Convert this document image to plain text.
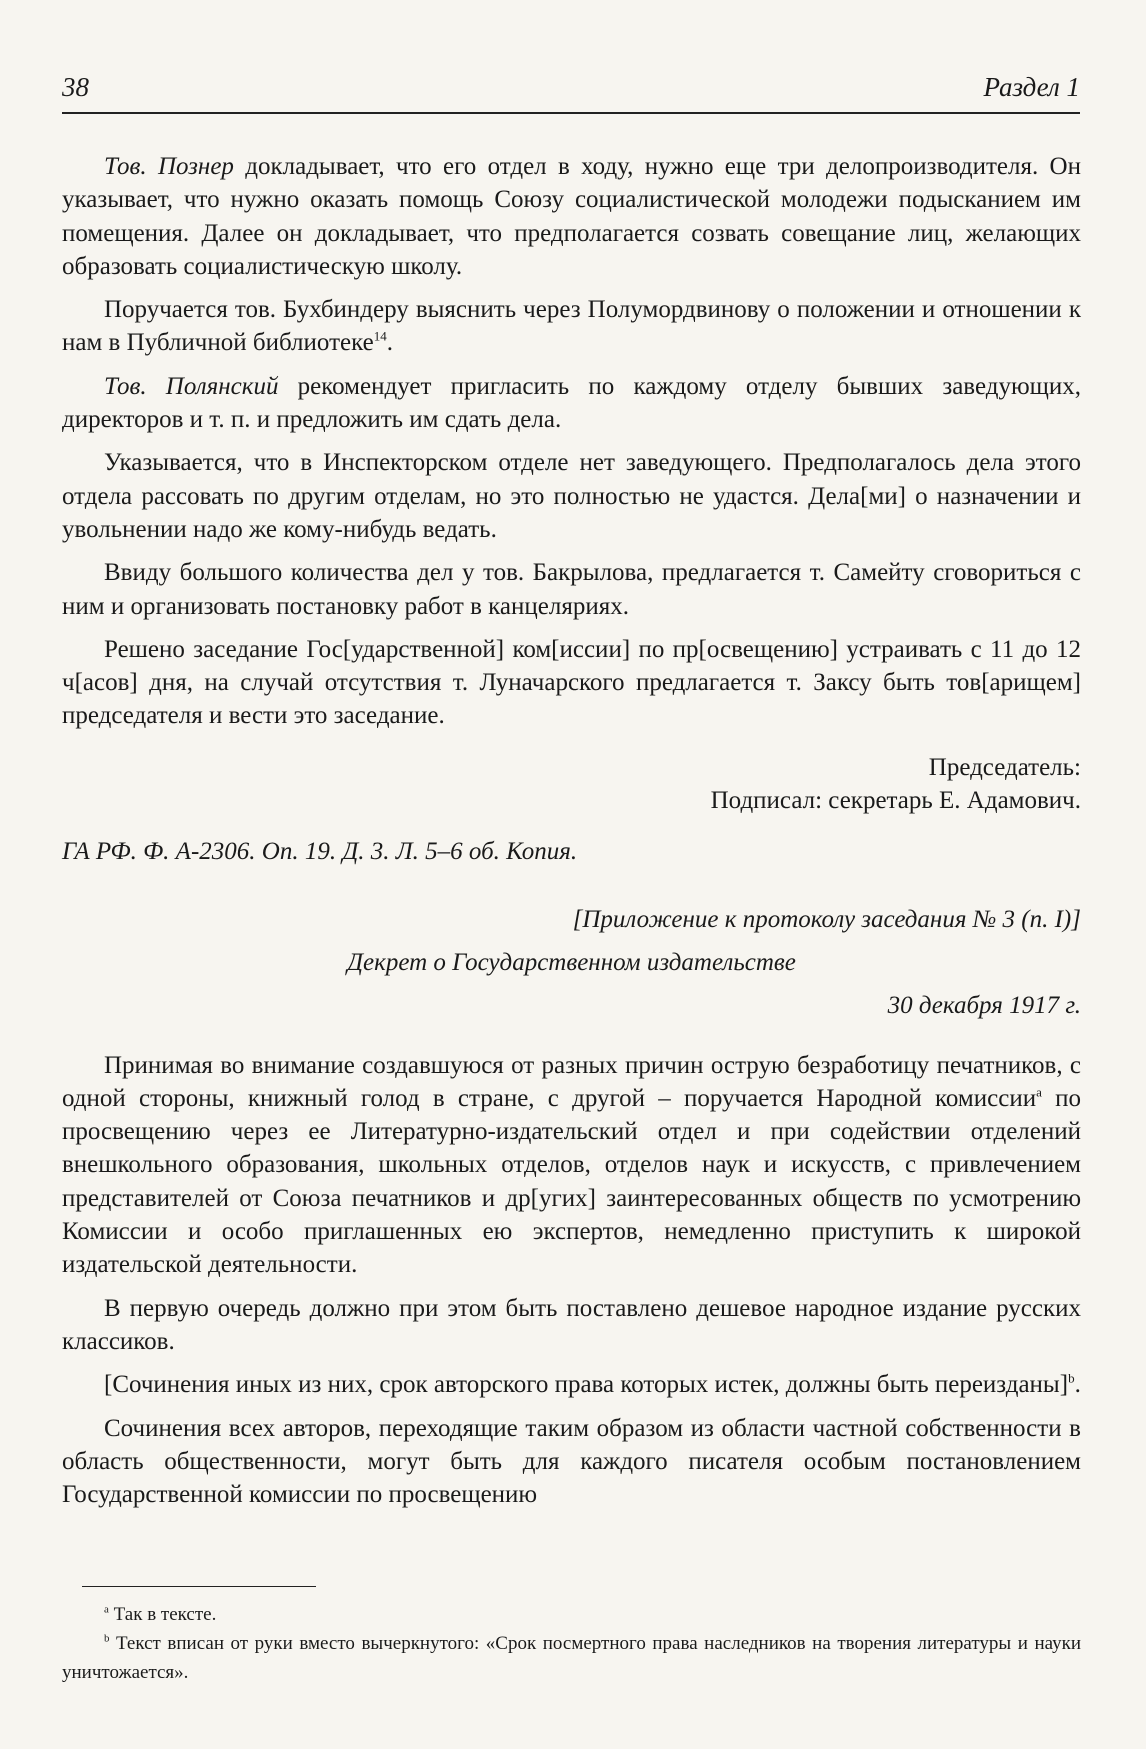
38	Раздел 1

Тов. Познер докладывает, что его отдел в ходу, нужно еще три делопроизводителя. Он указывает, что нужно оказать помощь Союзу социалистической молодежи подысканием им помещения. Далее он докладывает, что предполагается созвать совещание лиц, желающих образовать социалистическую школу.

Поручается тов. Бухбиндеру выяснить через Полумордвинову о положении и отношении к нам в Публичной библиотеке$^{14}$.

Тов. Полянский рекомендует пригласить по каждому отделу бывших заведующих, директоров и т. п. и предложить им сдать дела.

Указывается, что в Инспекторском отделе нет заведующего. Предполагалось дела этого отдела рассовать по другим отделам, но это полностью не удастся. Дела[ми] о назначении и увольнении надо же кому-нибудь ведать.

Ввиду большого количества дел у тов. Бакрылова, предлагается т. Самейту сговориться с ним и организовать постановку работ в канцеляриях.

Решено заседание Гос[ударственной] ком[иссии] по пр[освещению] устраивать с 11 до 12 ч[асов] дня, на случай отсутствия т. Луначарского предлагается т. Заксу быть тов[арищем] председателя и вести это заседание.

Председатель:

Подписал: секретарь Е. Адамович.

ГА РФ. Ф. А-2306. Оп. 19. Д. 3. Л. 5–6 об. Копия.

[Приложение к протоколу заседания № 3 (п. I)]

Декрет о Государственном издательстве

30 декабря 1917 г.

Принимая во внимание создавшуюся от разных причин острую безработицу печатников, с одной стороны, книжный голод в стране, с другой – поручается Народной комиссии$^a$ по просвещению через ее Литературно-издательский отдел и при содействии отделений внешкольного образования, школьных отделов, отделов наук и искусств, с привлечением представителей от Союза печатников и др[угих] заинтересованных обществ по усмотрению Комиссии и особо приглашенных ею экспертов, немедленно приступить к широкой издательской деятельности.

В первую очередь должно при этом быть поставлено дешевое народное издание русских классиков.

[Сочинения иных из них, срок авторского права которых истек, должны быть переизданы]$^b$.

Сочинения всех авторов, переходящие таким образом из области частной собственности в область общественности, могут быть для каждого писателя особым постановлением Государственной комиссии по просвещению

$^a$ Так в тексте.

$^b$ Текст вписан от руки вместо вычеркнутого: «Срок посмертного права наследников на творения литературы и науки уничтожается».
